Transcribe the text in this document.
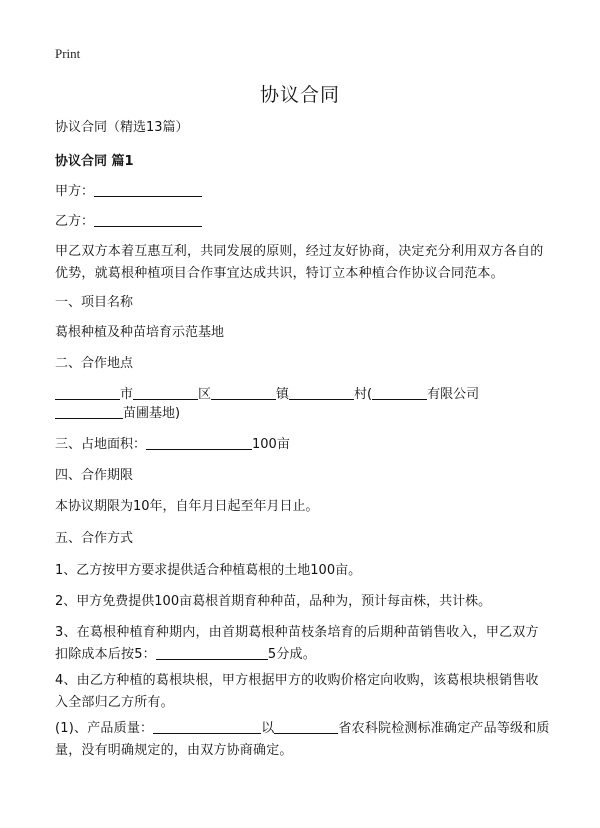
Print
协议合同
协议合同（精选13篇）
协议合同 篇1
甲方：
乙方：
甲乙双方本着互惠互利，共同发展的原则，经过友好协商，决定充分利用双方各自的优势，就葛根种植项目合作事宜达成共识，特订立本种植合作协议合同范本。
一、项目名称
葛根种植及种苗培育示范基地
二、合作地点
市	区	镇	村(	有限公司
苗圃基地)
三、占地面积：	100亩
四、合作期限
本协议期限为10年，自年月日起至年月日止。
五、合作方式
1、乙方按甲方要求提供适合种植葛根的土地100亩。
2、甲方免费提供100亩葛根首期育种种苗，品种为，预计每亩株，共计株。
3、在葛根种植育种期内，由首期葛根种苗枝条培育的后期种苗销售收入，甲乙双方扣除成本后按5：	5分成。
4、由乙方种植的葛根块根，甲方根据甲方的收购价格定向收购，该葛根块根销售收入全部归乙方所有。
(1)、产品质量：	以	省农科院检测标准确定产品等级和质量，没有明确规定的，由双方协商确定。
